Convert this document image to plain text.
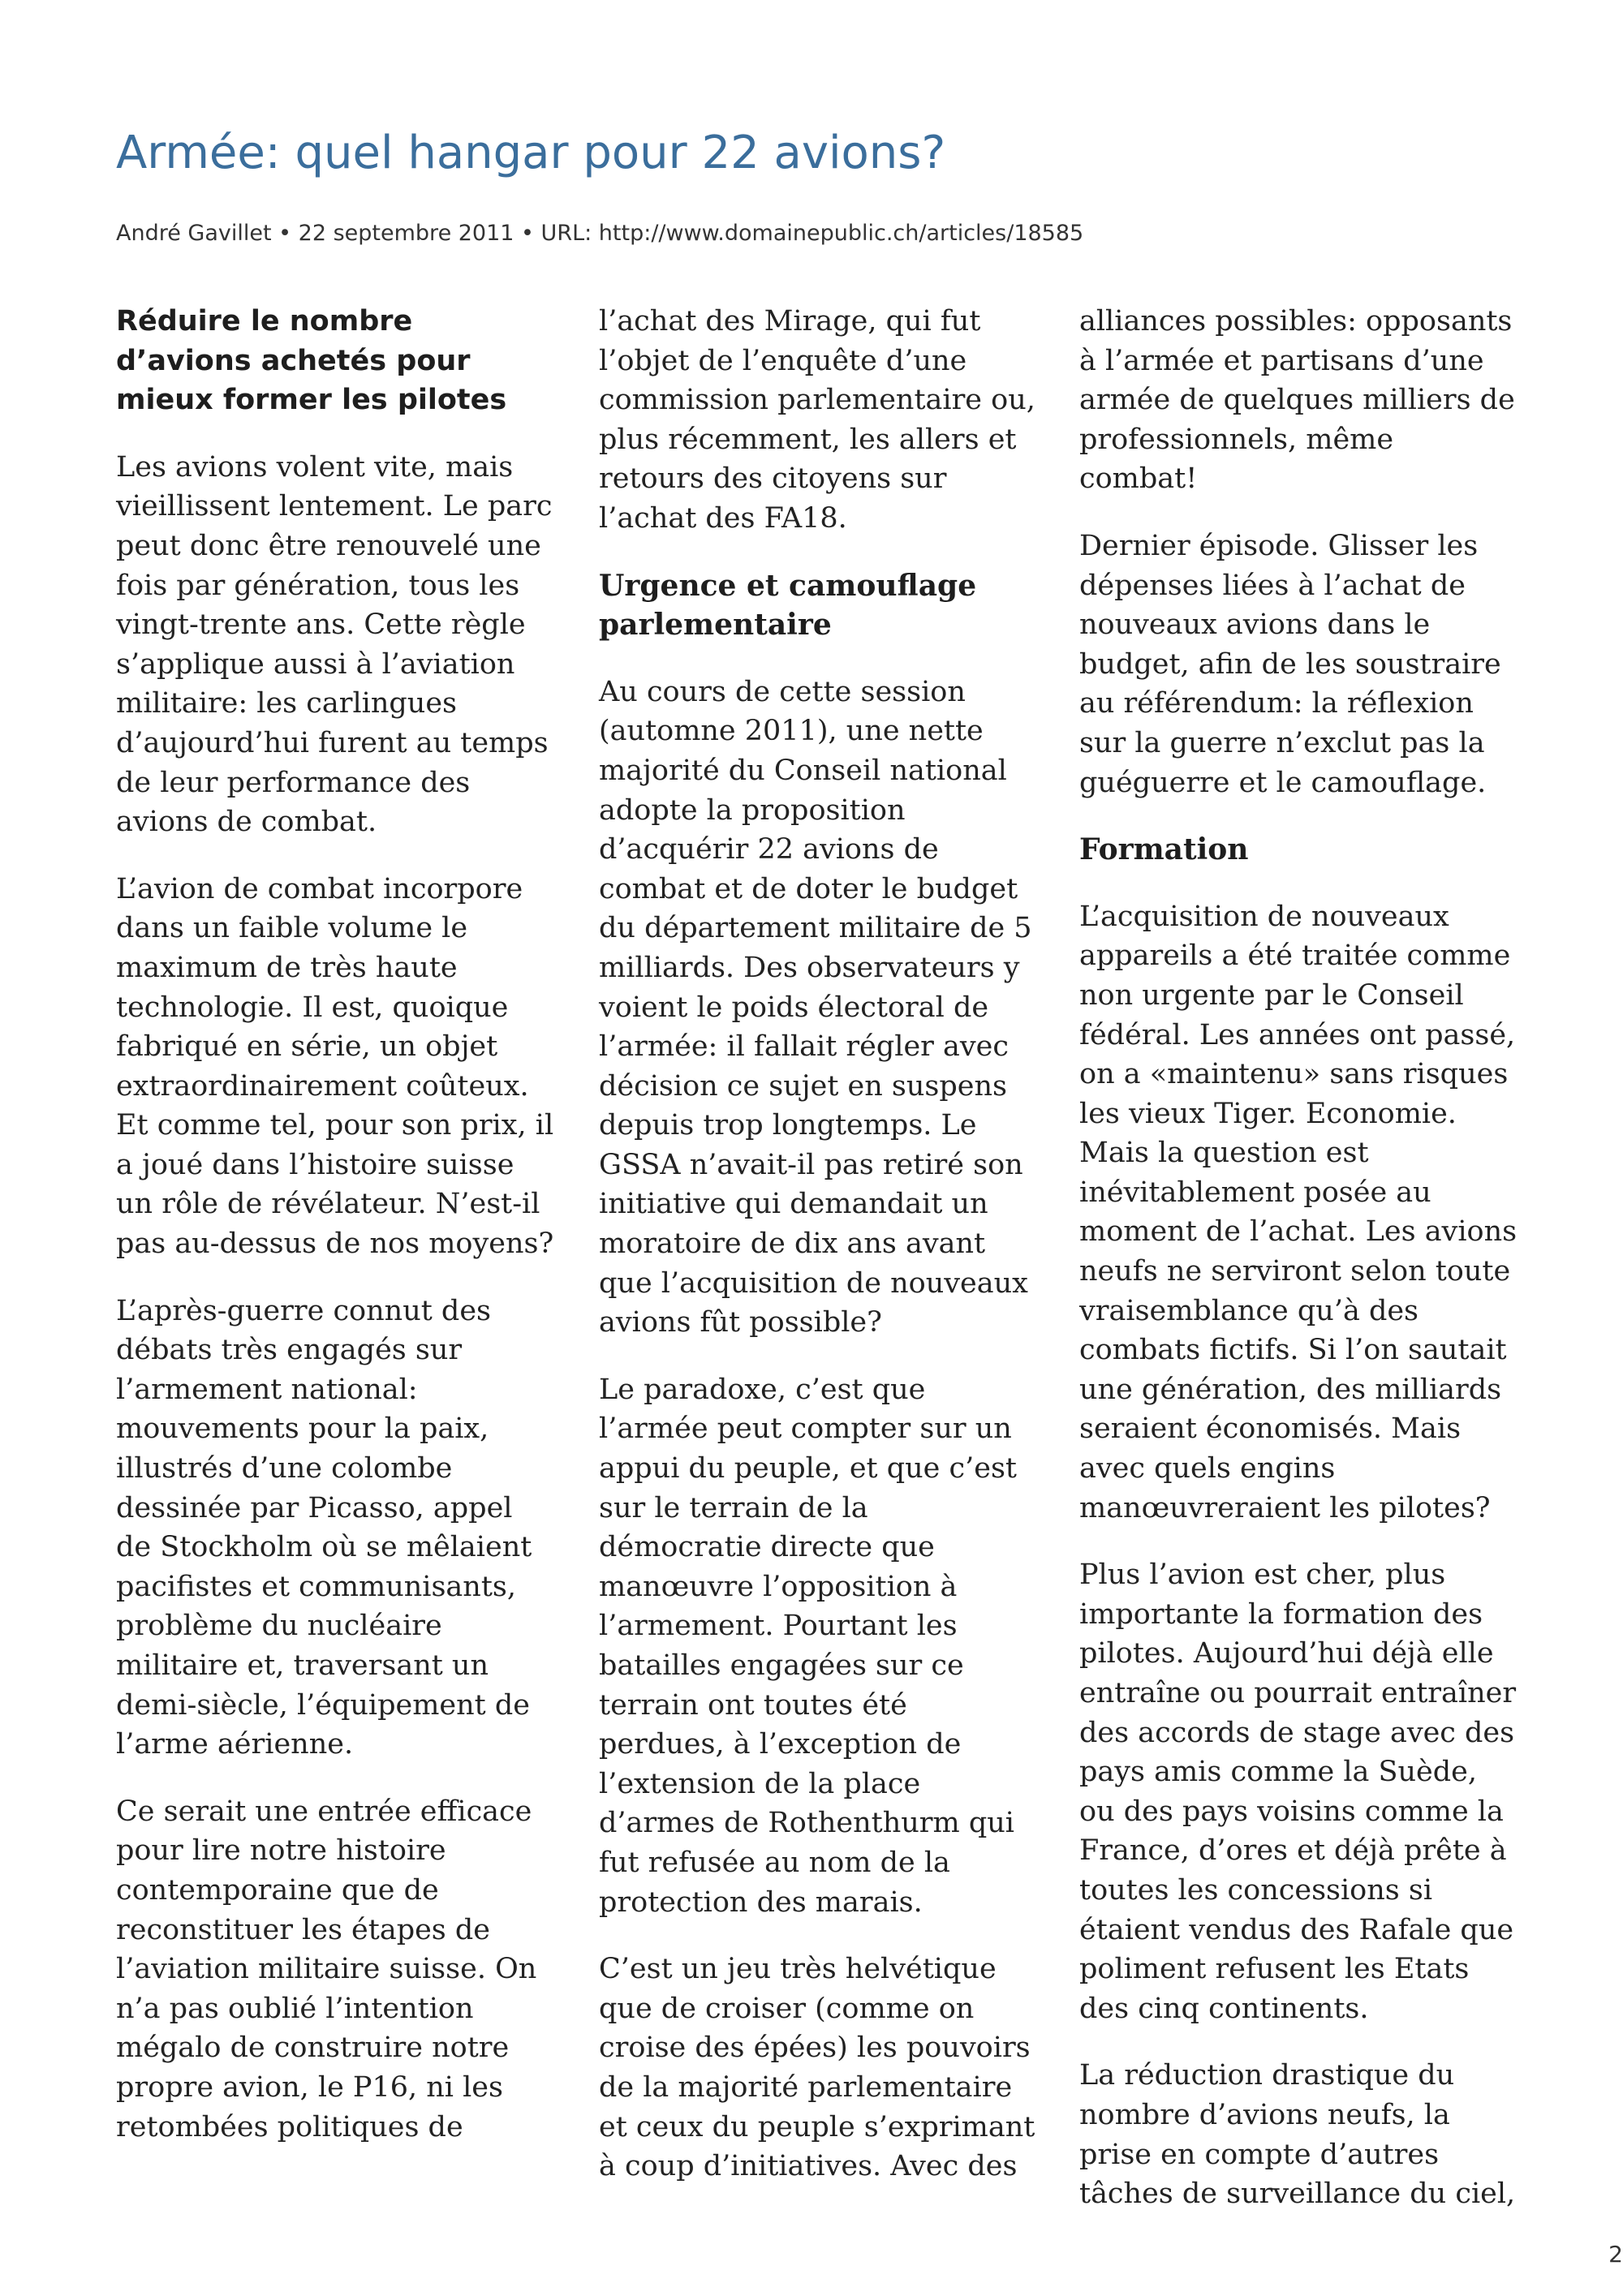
Armée: quel hangar pour 22 avions?
André Gavillet • 22 septembre 2011 • URL: http://www.domainepublic.ch/articles/18585
Réduire le nombre d’avions achetés pour mieux former les pilotes

Les avions volent vite, mais vieillissent lentement. Le parc peut donc être renouvelé une fois par génération, tous les vingt-trente ans. Cette règle s’applique aussi à l’aviation militaire: les carlingues d’aujourd’hui furent au temps de leur performance des avions de combat.

L’avion de combat incorpore dans un faible volume le maximum de très haute technologie. Il est, quoique fabriqué en série, un objet extraordinairement coûteux. Et comme tel, pour son prix, il a joué dans l’histoire suisse un rôle de révélateur. N’est-il pas au-dessus de nos moyens?

L’après-guerre connut des débats très engagés sur l’armement national: mouvements pour la paix, illustrés d’une colombe dessinée par Picasso, appel de Stockholm où se mêlaient pacifistes et communisants, problème du nucléaire militaire et, traversant un demi-siècle, l’équipement de l’arme aérienne.

Ce serait une entrée efficace pour lire notre histoire contemporaine que de reconstituer les étapes de l’aviation militaire suisse. On n’a pas oublié l’intention mégalo de construire notre propre avion, le P16, ni les retombées politiques de

l’achat des Mirage, qui fut l’objet de l’enquête d’une commission parlementaire ou, plus récemment, les allers et retours des citoyens sur l’achat des FA18.

Urgence et camouflage parlementaire

Au cours de cette session (automne 2011), une nette majorité du Conseil national adopte la proposition d’acquérir 22 avions de combat et de doter le budget du département militaire de 5 milliards. Des observateurs y voient le poids électoral de l’armée: il fallait régler avec décision ce sujet en suspens depuis trop longtemps. Le GSSA n’avait-il pas retiré son initiative qui demandait un moratoire de dix ans avant que l’acquisition de nouveaux avions fût possible?

Le paradoxe, c’est que l’armée peut compter sur un appui du peuple, et que c’est sur le terrain de la démocratie directe que manœuvre l’opposition à l’armement. Pourtant les batailles engagées sur ce terrain ont toutes été perdues, à l’exception de l’extension de la place d’armes de Rothenthurm qui fut refusée au nom de la protection des marais.

C’est un jeu très helvétique que de croiser (comme on croise des épées) les pouvoirs de la majorité parlementaire et ceux du peuple s’exprimant à coup d’initiatives. Avec des

alliances possibles: opposants à l’armée et partisans d’une armée de quelques milliers de professionnels, même combat!

Dernier épisode. Glisser les dépenses liées à l’achat de nouveaux avions dans le budget, afin de les soustraire au référendum: la réflexion sur la guerre n’exclut pas la guéguerre et le camouflage.

Formation

L’acquisition de nouveaux appareils a été traitée comme non urgente par le Conseil fédéral. Les années ont passé, on a «maintenu» sans risques les vieux Tiger. Economie. Mais la question est inévitablement posée au moment de l’achat. Les avions neufs ne serviront selon toute vraisemblance qu’à des combats fictifs. Si l’on sautait une génération, des milliards seraient économisés. Mais avec quels engins manœuvreraient les pilotes?

Plus l’avion est cher, plus importante la formation des pilotes. Aujourd’hui déjà elle entraîne ou pourrait entraîner des accords de stage avec des pays amis comme la Suède, ou des pays voisins comme la France, d’ores et déjà prête à toutes les concessions si étaient vendus des Rafale que poliment refusent les Etats des cinq continents.

La réduction drastique du nombre d’avions neufs, la prise en compte d’autres tâches de surveillance du ciel,

2
